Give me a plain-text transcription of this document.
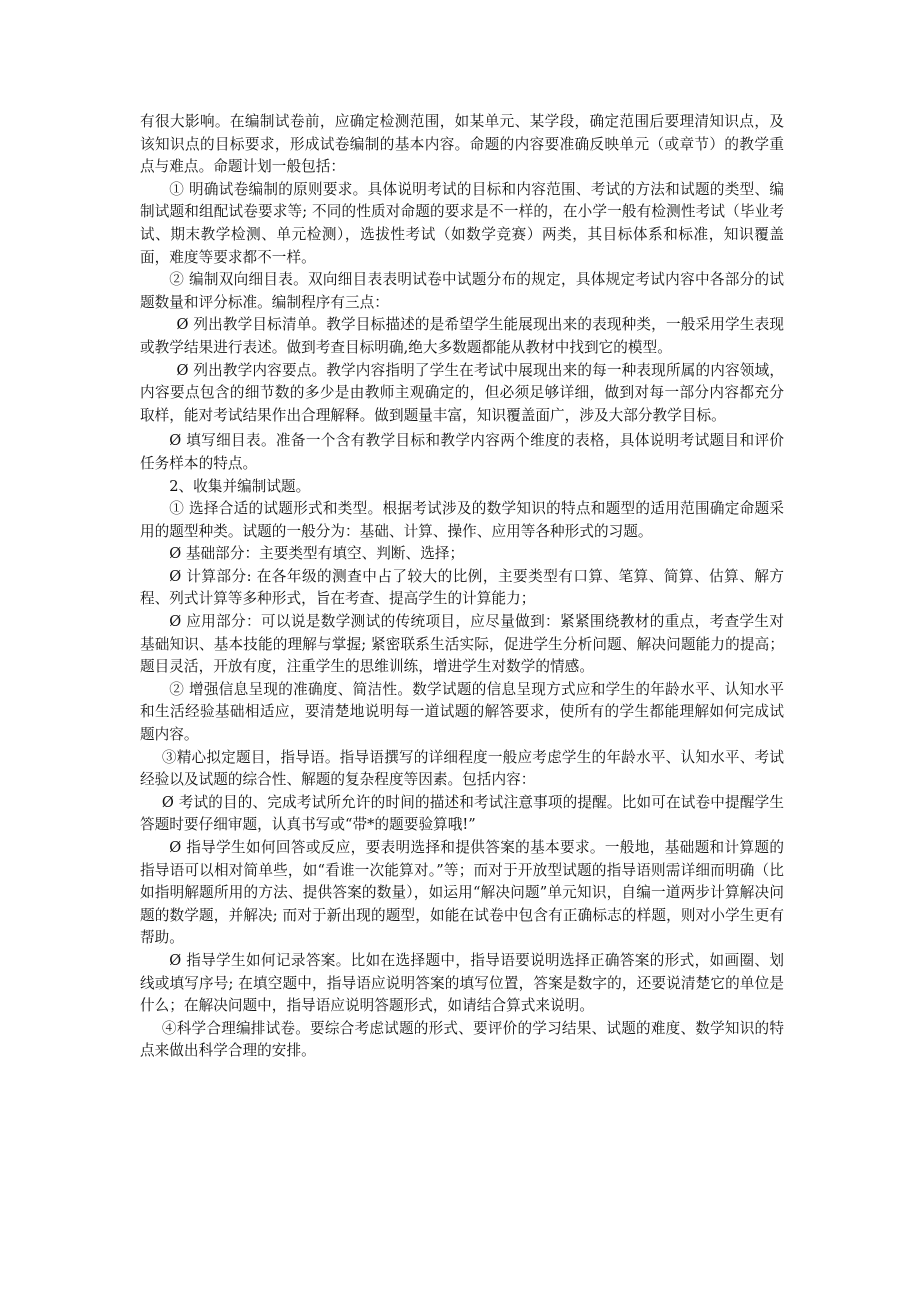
有很大影响。在编制试卷前，应确定检测范围，如某单元、某学段，确定范围后要理清知识点，及该知识点的目标要求，形成试卷编制的基本内容。命题的内容要准确反映单元（或章节）的教学重点与难点。命题计划一般包括：

① 明确试卷编制的原则要求。具体说明考试的目标和内容范围、考试的方法和试题的类型、编制试题和组配试卷要求等; 不同的性质对命题的要求是不一样的，在小学一般有检测性考试（毕业考试、期末教学检测、单元检测），选拔性考试（如数学竞赛）两类，其目标体系和标准，知识覆盖面，难度等要求都不一样。

② 编制双向细目表。双向细目表表明试卷中试题分布的规定，具体规定考试内容中各部分的试题数量和评分标准。编制程序有三点：

Ø 列出教学目标清单。教学目标描述的是希望学生能展现出来的表现种类，一般采用学生表现或教学结果进行表述。做到考查目标明确,绝大多数题都能从教材中找到它的模型。

Ø 列出教学内容要点。教学内容指明了学生在考试中展现出来的每一种表现所属的内容领域，内容要点包含的细节数的多少是由教师主观确定的，但必须足够详细，做到对每一部分内容都充分取样，能对考试结果作出合理解释。做到题量丰富，知识覆盖面广，涉及大部分教学目标。

Ø 填写细目表。准备一个含有教学目标和教学内容两个维度的表格，具体说明考试题目和评价任务样本的特点。

2、收集并编制试题。

① 选择合适的试题形式和类型。根据考试涉及的数学知识的特点和题型的适用范围确定命题采用的题型种类。试题的一般分为：基础、计算、操作、应用等各种形式的习题。

Ø 基础部分：主要类型有填空、判断、选择；

Ø 计算部分: 在各年级的测查中占了较大的比例，主要类型有口算、笔算、简算、估算、解方程、列式计算等多种形式，旨在考查、提高学生的计算能力；

Ø 应用部分：可以说是数学测试的传统项目，应尽量做到：紧紧围绕教材的重点，考查学生对基础知识、基本技能的理解与掌握; 紧密联系生活实际，促进学生分析问题、解决问题能力的提高；题目灵活，开放有度，注重学生的思维训练，增进学生对数学的情感。

② 增强信息呈现的准确度、简洁性。数学试题的信息呈现方式应和学生的年龄水平、认知水平和生活经验基础相适应，要清楚地说明每一道试题的解答要求，使所有的学生都能理解如何完成试题内容。

③精心拟定题目，指导语。指导语撰写的详细程度一般应考虑学生的年龄水平、认知水平、考试经验以及试题的综合性、解题的复杂程度等因素。包括内容：

Ø 考试的目的、完成考试所允许的时间的描述和考试注意事项的提醒。比如可在试卷中提醒学生答题时要仔细审题，认真书写或“带*的题要验算哦!”

Ø 指导学生如何回答或反应，要表明选择和提供答案的基本要求。一般地，基础题和计算题的指导语可以相对简单些，如“看谁一次能算对。”等；而对于开放型试题的指导语则需详细而明确（比如指明解题所用的方法、提供答案的数量），如运用“解决问题”单元知识，自编一道两步计算解决问题的数学题，并解决; 而对于新出现的题型，如能在试卷中包含有正确标志的样题，则对小学生更有帮助。

Ø 指导学生如何记录答案。比如在选择题中，指导语要说明选择正确答案的形式，如画圈、划线或填写序号; 在填空题中，指导语应说明答案的填写位置，答案是数字的，还要说清楚它的单位是什么；在解决问题中，指导语应说明答题形式，如请结合算式来说明。

④科学合理编排试卷。要综合考虑试题的形式、要评价的学习结果、试题的难度、数学知识的特点来做出科学合理的安排。
